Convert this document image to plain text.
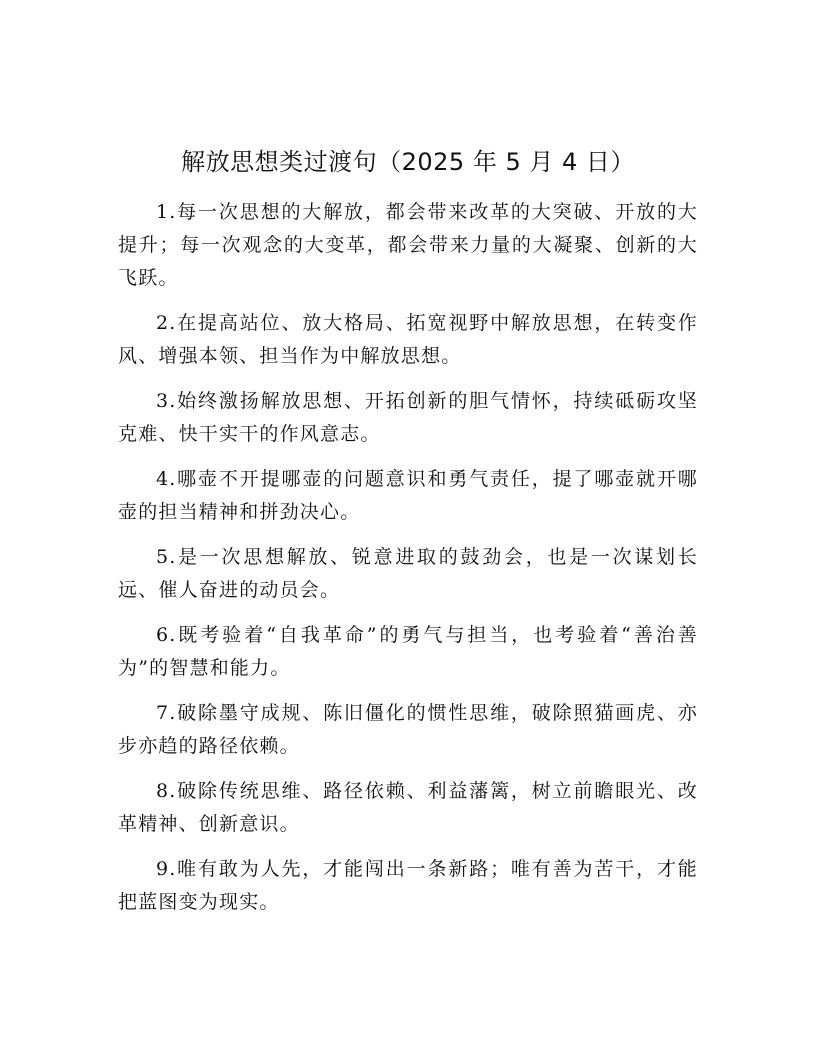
解放思想类过渡句（2025 年 5 月 4 日）

1.每一次思想的大解放，都会带来改革的大突破、开放的大提升；每一次观念的大变革，都会带来力量的大凝聚、创新的大飞跃。

2.在提高站位、放大格局、拓宽视野中解放思想，在转变作风、增强本领、担当作为中解放思想。

3.始终激扬解放思想、开拓创新的胆气情怀，持续砥砺攻坚克难、快干实干的作风意志。

4.哪壶不开提哪壶的问题意识和勇气责任，提了哪壶就开哪壶的担当精神和拼劲决心。

5.是一次思想解放、锐意进取的鼓劲会，也是一次谋划长远、催人奋进的动员会。

6.既考验着“自我革命”的勇气与担当，也考验着“善治善为”的智慧和能力。

7.破除墨守成规、陈旧僵化的惯性思维，破除照猫画虎、亦步亦趋的路径依赖。

8.破除传统思维、路径依赖、利益藩篱，树立前瞻眼光、改革精神、创新意识。

9.唯有敢为人先，才能闯出一条新路；唯有善为苦干，才能把蓝图变为现实。
